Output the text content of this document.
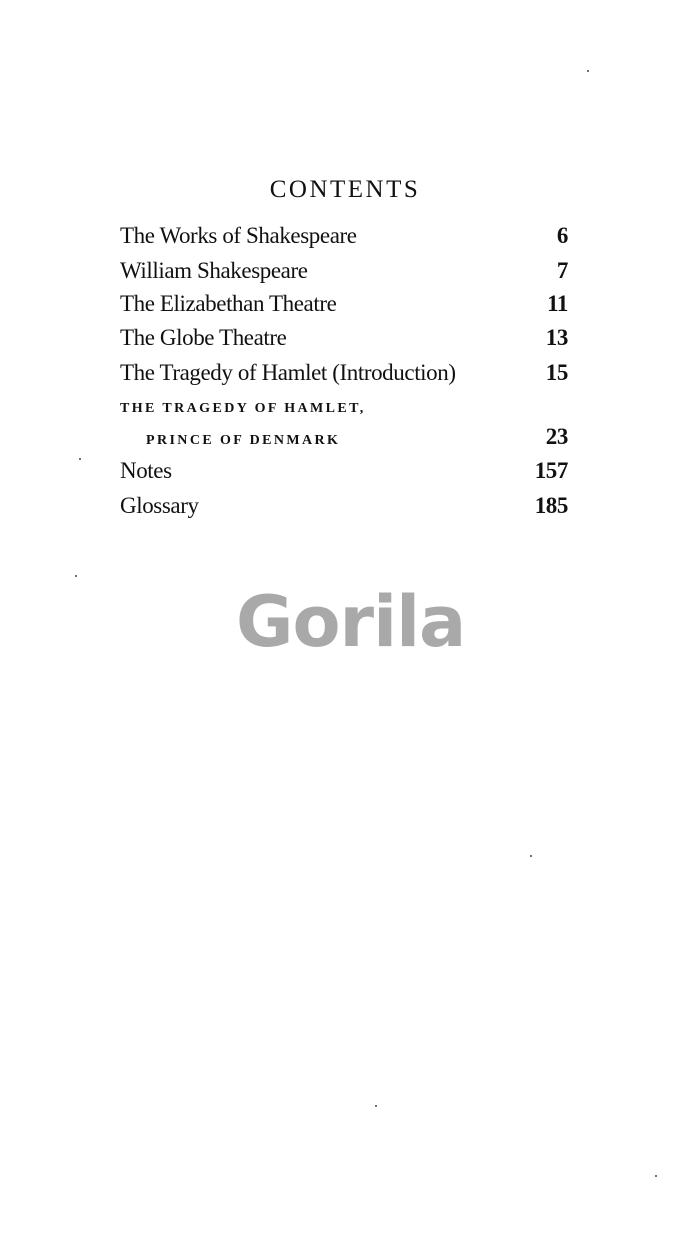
CONTENTS
The Works of Shakespeare	6
William Shakespeare	7
The Elizabethan Theatre	11
The Globe Theatre	13
The Tragedy of Hamlet (Introduction)	15
THE TRAGEDY OF HAMLET,
PRINCE OF DENMARK	23
Notes	157
Glossary	185
Gorila
